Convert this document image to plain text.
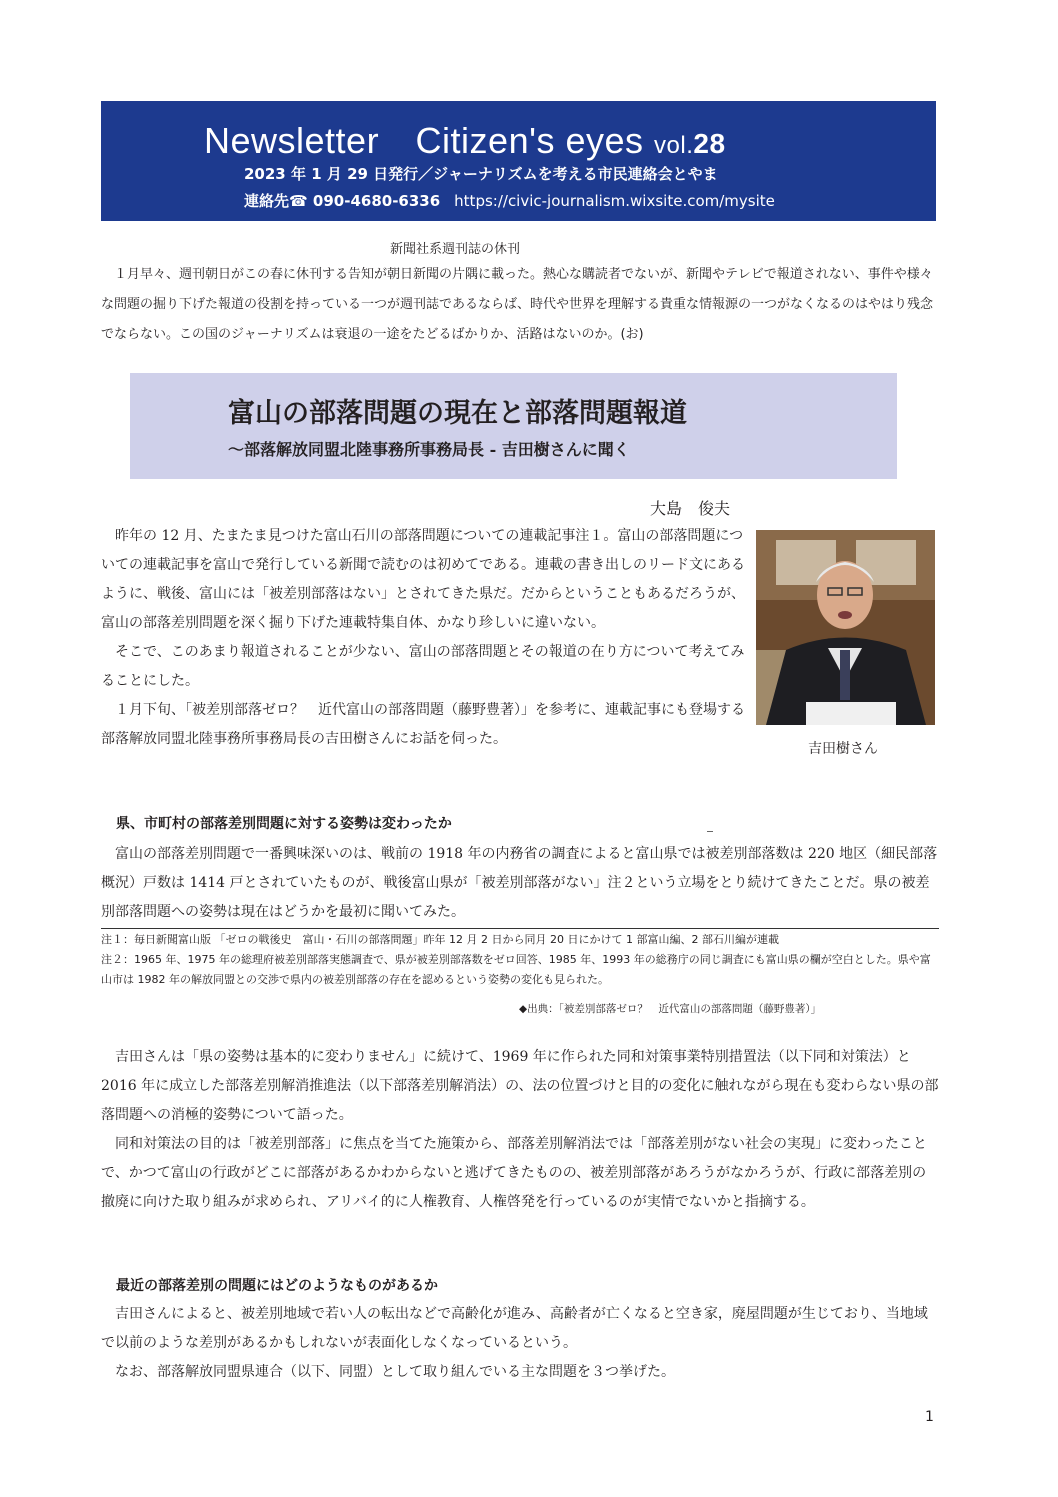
Newsletter　Citizen's eyes vol.28
2023 年 1 月 29 日発行／ジャーナリズムを考える市民連絡会とやま
連絡先☎ 090-4680-6336 https://civic-journalism.wixsite.com/mysite
新聞社系週刊誌の休刊

１月早々、週刊朝日がこの春に休刊する告知が朝日新聞の片隅に載った。熱心な購読者でないが、新聞やテレビで報道されない、事件や様々な問題の掘り下げた報道の役割を持っている一つが週刊誌であるならば、時代や世界を理解する貴重な情報源の一つがなくなるのはやはり残念でならない。この国のジャーナリズムは衰退の一途をたどるばかりか、活路はないのか。(お)

富山の部落問題の現在と部落問題報道
〜部落解放同盟北陸事務所事務局長 - 吉田樹さんに聞く
大島　俊夫

昨年の 12 月、たまたま見つけた富山石川の部落問題についての連載記事注１。富山の部落問題についての連載記事を富山で発行している新聞で読むのは初めてである。連載の書き出しのリード文にあるように、戦後、富山には「被差別部落はない」とされてきた県だ。だからということもあるだろうが、富山の部落差別問題を深く掘り下げた連載特集自体、かなり珍しいに違いない。

そこで、このあまり報道されることが少ない、富山の部落問題とその報道の在り方について考えてみることにした。

１月下旬、「被差別部落ゼロ？　近代富山の部落問題（藤野豊著）」を参考に、連載記事にも登場する部落解放同盟北陸事務所事務局長の吉田樹さんにお話を伺った。

吉田樹さん
県、市町村の部落差別問題に対する姿勢は変わったか

富山の部落差別問題で一番興味深いのは、戦前の 1918 年の内務省の調査によると富山県では被差別部落数は 220 地区（細民部落概況）戸数は 1414 戸とされていたものが、戦後富山県が「被差別部落がない」注２という立場をとり続けてきたことだ。県の被差別部落問題への姿勢は現在はどうかを最初に聞いてみた。

注１：毎日新聞富山版 「ゼロの戦後史　富山・石川の部落問題」昨年 12 月 2 日から同月 20 日にかけて 1 部富山編、2 部石川編が連載
注２：1965 年、1975 年の総理府被差別部落実態調査で、県が被差別部落数をゼロ回答、1985 年、1993 年の総務庁の同じ調査にも富山県の欄が空白とした。県や富山市は 1982 年の解放同盟との交渉で県内の被差別部落の存在を認めるという姿勢の変化も見られた。
◆出典：「被差別部落ゼロ？　近代富山の部落問題（藤野豊著）」

吉田さんは「県の姿勢は基本的に変わりません」に続けて、1969 年に作られた同和対策事業特別措置法（以下同和対策法）と 2016 年に成立した部落差別解消推進法（以下部落差別解消法）の、法の位置づけと目的の変化に触れながら現在も変わらない県の部落問題への消極的姿勢について語った。

同和対策法の目的は「被差別部落」に焦点を当てた施策から、部落差別解消法では「部落差別がない社会の実現」に変わったことで、かつて富山の行政がどこに部落があるかわからないと逃げてきたものの、被差別部落があろうがなかろうが、行政に部落差別の撤廃に向けた取り組みが求められ、アリバイ的に人権教育、人権啓発を行っているのが実情でないかと指摘する。

最近の部落差別の問題にはどのようなものがあるか

吉田さんによると、被差別地域で若い人の転出などで高齢化が進み、高齢者が亡くなると空き家，廃屋問題が生じており、当地域で以前のような差別があるかもしれないが表面化しなくなっているという。

なお、部落解放同盟県連合（以下、同盟）として取り組んでいる主な問題を３つ挙げた。

1
